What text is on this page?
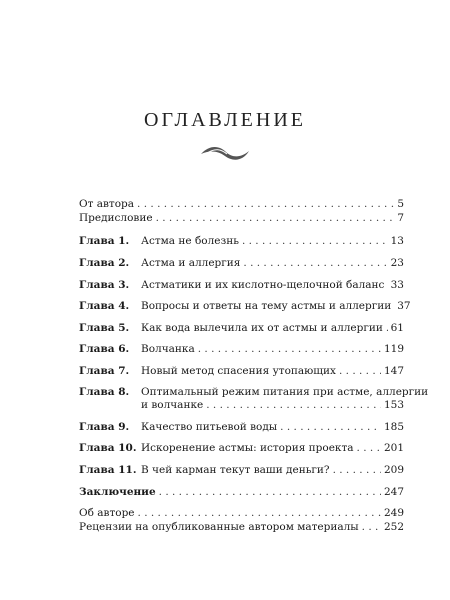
ОГЛАВЛЕНИЕ
От автора . . .	5
Предисловие . . .	7
Глава 1.	Астма не болезнь . . .	13
Глава 2.	Астма и аллергия . . .	23
Глава 3.	Астматики и их кислотно-щелочной баланс . . . 33
Глава 4.	Вопросы и ответы на тему астмы и аллергии 37
Глава 5.	Как вода вылечила их от астмы и аллергии . . . 61
Глава 6.	Волчанка . . .	119
Глава 7.	Новый метод спасения утопающих . . .	147
Глава 8.	Оптимальный режим питания при астме, аллергии
и волчанке . . .	153
Глава 9.	Качество питьевой воды . . .	185
Глава 10. Искоренение астмы: история проекта . . .	201
Глава 11. В чей карман текут ваши деньги? . . .	209
Заключение . . .	247
Об авторе . . .	249
Рецензии на опубликованные автором материалы . . . 252
